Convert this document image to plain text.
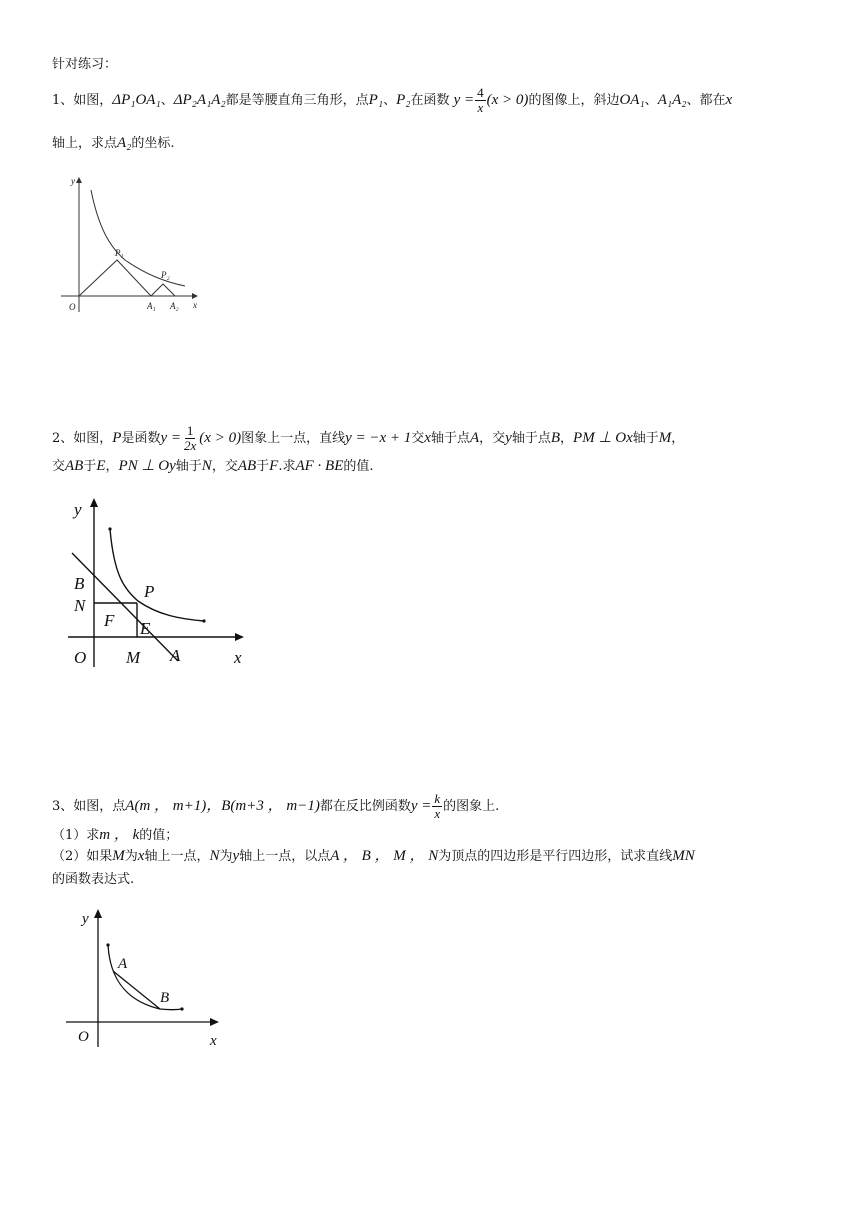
针对练习：
1、如图，ΔP₁OA₁、ΔP₂A₁A₂都是等腰直角三角形，点P₁、P₂在函数 $y = \frac{4}{x} (x > 0)$的图像上，斜边OA₁、A₁A₂、都在x
轴上，求点A₂的坐标.
y
x
O
P₁
P₂
A₁ A₂
2、如图，P是函数$y = \frac{1}{2x} (x > 0)$图象上一点，直线y = −x + 1交x轴于点A，交y轴于点B，PM ⊥ Ox轴于M，
交AB于E，PN ⊥ Oy轴于N，交AB于F.求AF · BE的值.
y
x
O
B
N
P
F E
M A
3、如图，点A(m ， m+1)，B(m+3 ， m−1)都在反比例函数$y = \frac{k}{x}$ 的图象上.
（1）求m ， k的值；
（2）如果M为x轴上一点，N为y轴上一点，以点A ， B ， M ， N为顶点的四边形是平行四边形，试求直线MN
的函数表达式.
y
x
O
A
B
